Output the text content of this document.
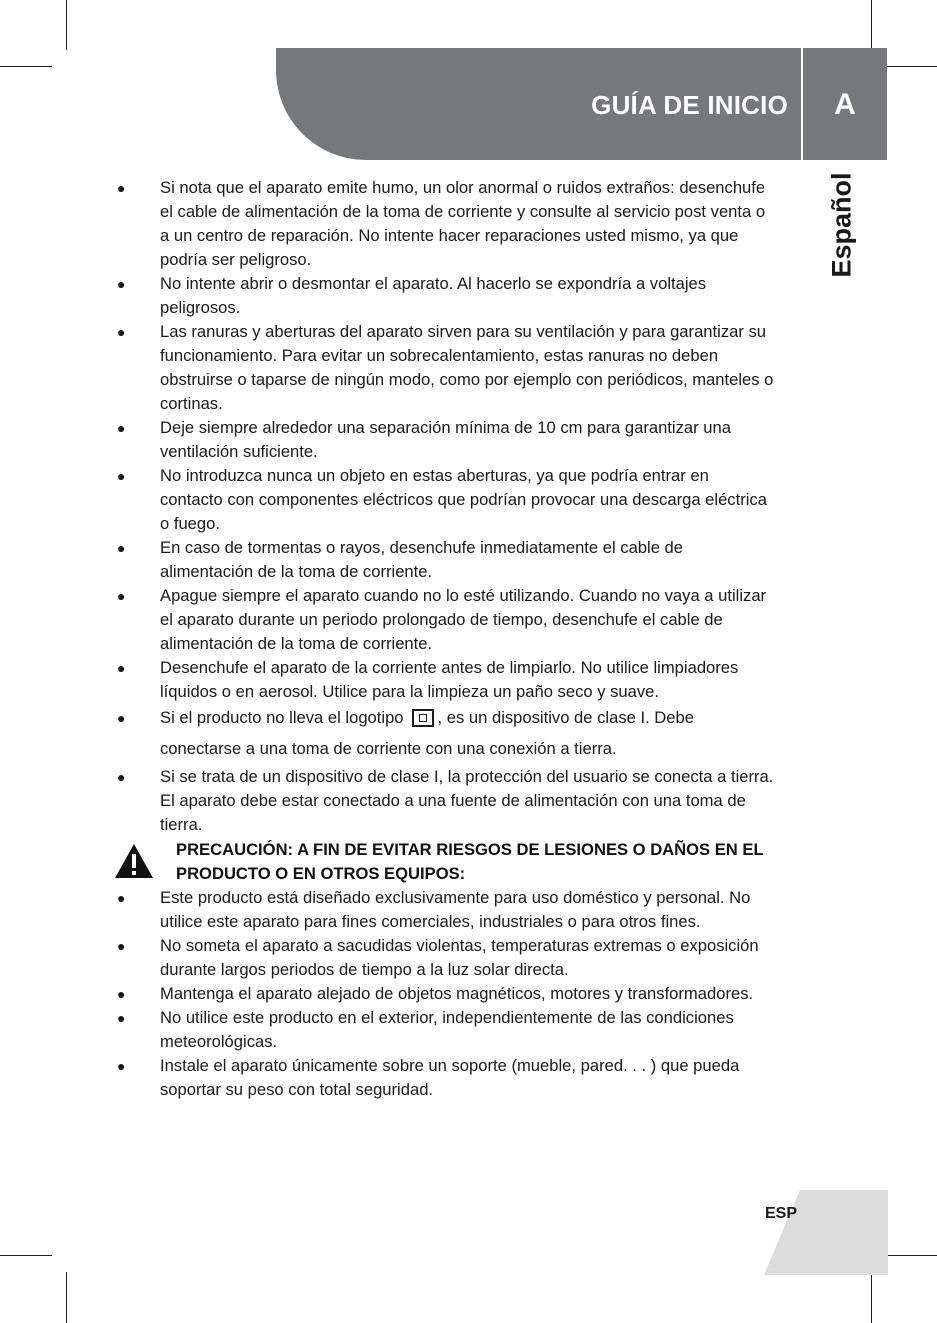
GUÍA DE INICIO	A
Español
● Si nota que el aparato emite humo, un olor anormal o ruidos extraños: desenchufe
el cable de alimentación de la toma de corriente y consulte al servicio post venta o
a un centro de reparación. No intente hacer reparaciones usted mismo, ya que
podría ser peligroso.
● No intente abrir o desmontar el aparato. Al hacerlo se expondría a voltajes
peligrosos.
● Las ranuras y aberturas del aparato sirven para su ventilación y para garantizar su
funcionamiento. Para evitar un sobrecalentamiento, estas ranuras no deben
obstruirse o taparse de ningún modo, como por ejemplo con periódicos, manteles o
cortinas.
● Deje siempre alrededor una separación mínima de 10 cm para garantizar una
ventilación suficiente.
● No introduzca nunca un objeto en estas aberturas, ya que podría entrar en
contacto con componentes eléctricos que podrían provocar una descarga eléctrica
o fuego.
● En caso de tormentas o rayos, desenchufe inmediatamente el cable de
alimentación de la toma de corriente.
● Apague siempre el aparato cuando no lo esté utilizando. Cuando no vaya a utilizar
el aparato durante un periodo prolongado de tiempo, desenchufe el cable de
alimentación de la toma de corriente.
● Desenchufe el aparato de la corriente antes de limpiarlo. No utilice limpiadores
líquidos o en aerosol. Utilice para la limpieza un paño seco y suave.
● Si se trata de un dispositivo de clase I, la protección del usuario se conecta a tierra.
El aparato debe estar conectado a una fuente de alimentación con una toma de
tierra.
● Si el producto no lleva el logotipo , es un dispositivo de clase I. Debe
conectarse a una toma de corriente con una conexión a tierra.
PRECAUCIÓN: A FIN DE EVITAR RIESGOS DE LESIONES O DAÑOS EN EL
PRODUCTO O EN OTROS EQUIPOS:
● Este producto está diseñado exclusivamente para uso doméstico y personal. No
utilice este aparato para fines comerciales, industriales o para otros fines.
● No someta el aparato a sacudidas violentas, temperaturas extremas o exposición
durante largos periodos de tiempo a la luz solar directa.
● Mantenga el aparato alejado de objetos magnéticos, motores y transformadores.
● No utilice este producto en el exterior, independientemente de las condiciones
meteorológicas.
● Instale el aparato únicamente sobre un soporte (mueble, pared. . . ) que pueda
soportar su peso con total seguridad.
ESP
